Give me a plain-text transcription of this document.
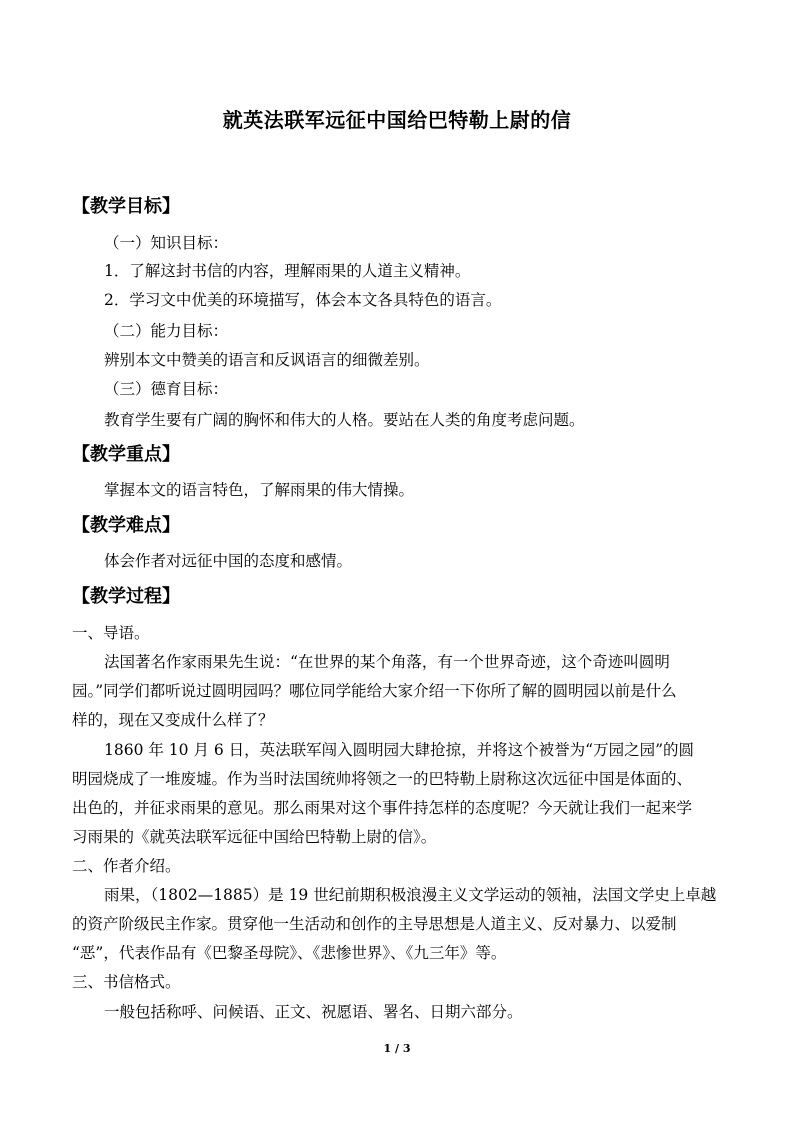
就英法联军远征中国给巴特勒上尉的信
【教学目标】
（一）知识目标：
1．了解这封书信的内容，理解雨果的人道主义精神。
2．学习文中优美的环境描写，体会本文各具特色的语言。
（二）能力目标：
辨别本文中赞美的语言和反讽语言的细微差别。
（三）德育目标：
教育学生要有广阔的胸怀和伟大的人格。要站在人类的角度考虑问题。
【教学重点】
掌握本文的语言特色，了解雨果的伟大情操。
【教学难点】
体会作者对远征中国的态度和感情。
【教学过程】
一、导语。
法国著名作家雨果先生说：“在世界的某个角落，有一个世界奇迹，这个奇迹叫圆明
园。”同学们都听说过圆明园吗？哪位同学能给大家介绍一下你所了解的圆明园以前是什么
样的，现在又变成什么样了？
1860 年 10 月 6 日，英法联军闯入圆明园大肆抢掠，并将这个被誉为“万园之园”的圆
明园烧成了一堆废墟。作为当时法国统帅将领之一的巴特勒上尉称这次远征中国是体面的、
出色的，并征求雨果的意见。那么雨果对这个事件持怎样的态度呢？今天就让我们一起来学
习雨果的《就英法联军远征中国给巴特勒上尉的信》。
二、作者介绍。
雨果，（1802—1885）是 19 世纪前期积极浪漫主义文学运动的领袖，法国文学史上卓越
的资产阶级民主作家。贯穿他一生活动和创作的主导思想是人道主义、反对暴力、以爱制
“恶”，代表作品有《巴黎圣母院》、《悲惨世界》、《九三年》等。
三、书信格式。
一般包括称呼、问候语、正文、祝愿语、署名、日期六部分。
1 / 3
